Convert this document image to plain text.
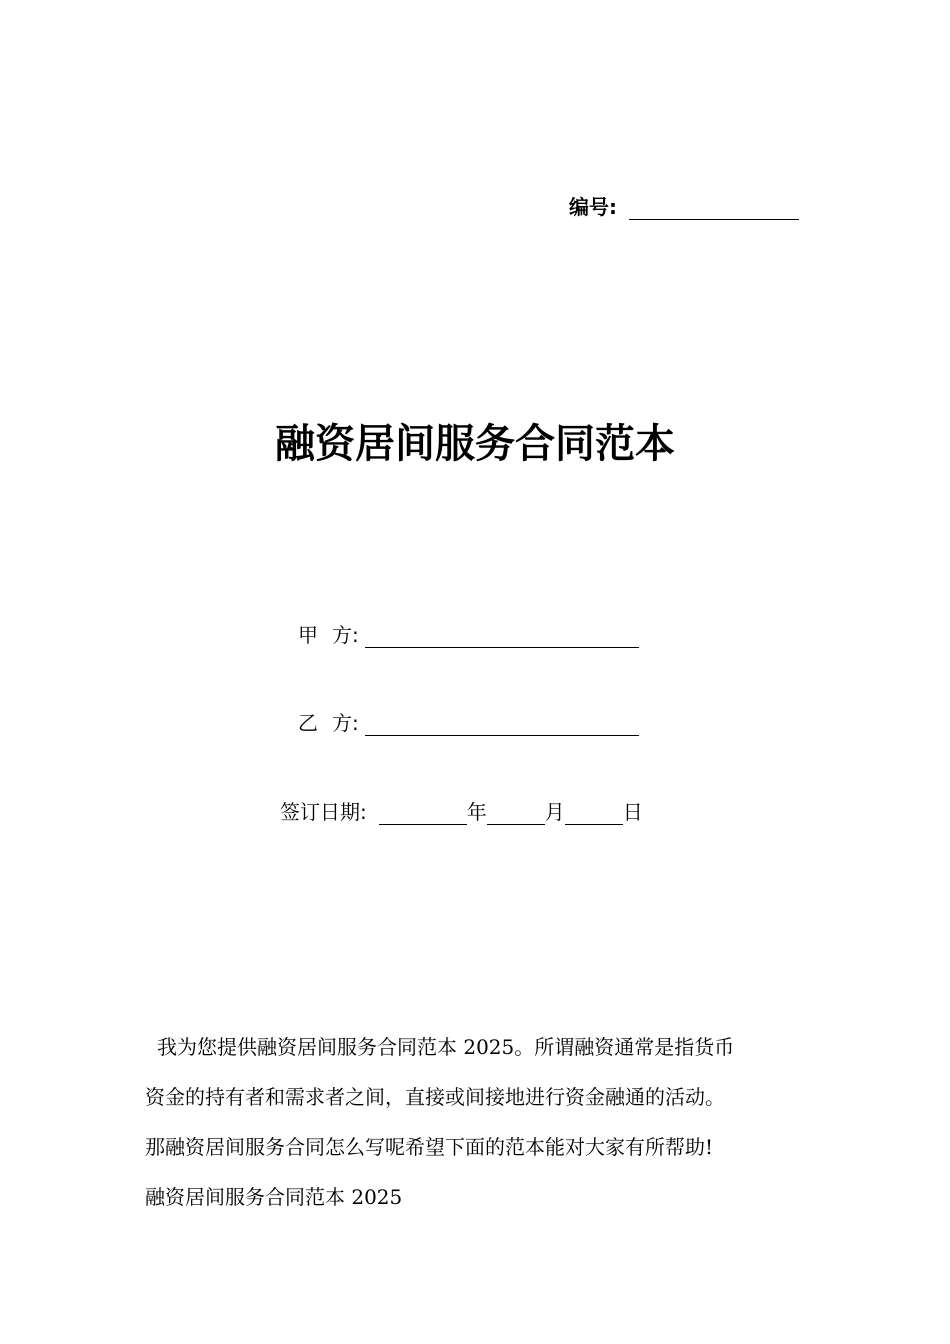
编号:
融资居间服务合同范本
甲 方:
乙 方:
签订日期:	年	月	日

我为您提供融资居间服务合同范本 2025。所谓融资通常是指货币

资金的持有者和需求者之间，直接或间接地进行资金融通的活动。

那融资居间服务合同怎么写呢希望下面的范本能对大家有所帮助!

融资居间服务合同范本 2025
